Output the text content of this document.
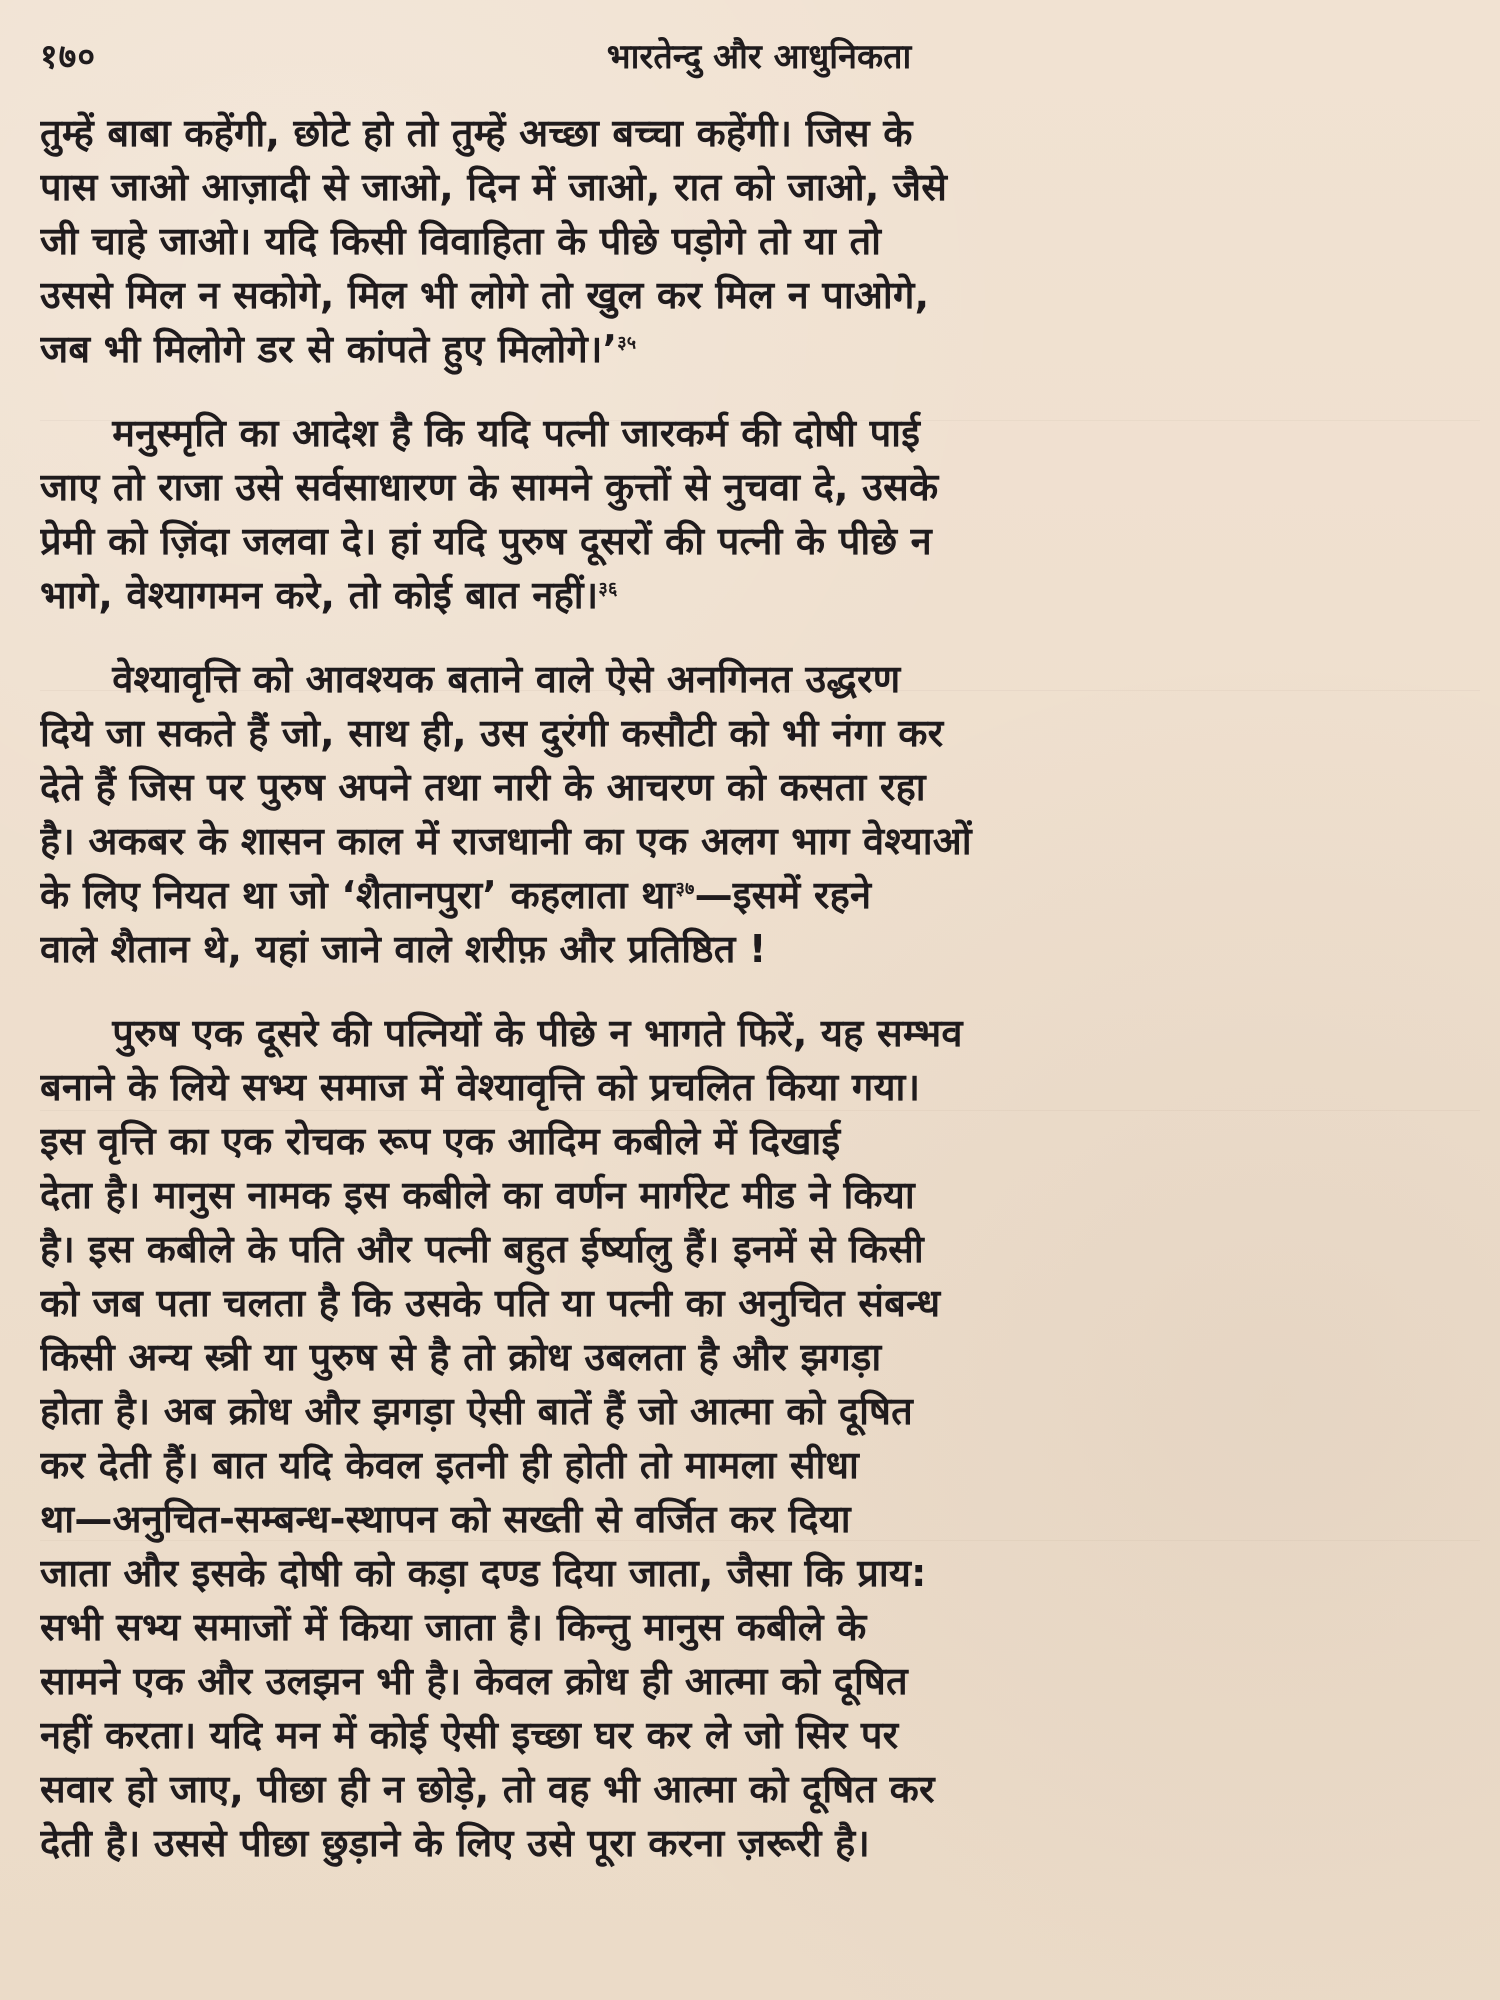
१७०	भारतेन्दु और आधुनिकता
तुम्हें बाबा कहेंगी, छोटे हो तो तुम्हें अच्छा बच्चा कहेंगी। जिस के
पास जाओ आज़ादी से जाओ, दिन में जाओ, रात को जाओ, जैसे
जी चाहे जाओ। यदि किसी विवाहिता के पीछे पड़ोगे तो या तो
उससे मिल न सकोगे, मिल भी लोगे तो खुल कर मिल न पाओगे,
जब भी मिलोगे डर से कांपते हुए मिलोगे।’$^{३५}$
मनुस्मृति का आदेश है कि यदि पत्नी जारकर्म की दोषी पाई
जाए तो राजा उसे सर्वसाधारण के सामने कुत्तों से नुचवा दे, उसके
प्रेमी को ज़िंदा जलवा दे। हां यदि पुरुष दूसरों की पत्नी के पीछे न
भागे, वेश्यागमन करे, तो कोई बात नहीं।$^{३६}$
वेश्यावृत्ति को आवश्यक बताने वाले ऐसे अनगिनत उद्धरण
दिये जा सकते हैं जो, साथ ही, उस दुरंगी कसौटी को भी नंगा कर
देते हैं जिस पर पुरुष अपने तथा नारी के आचरण को कसता रहा
है। अकबर के शासन काल में राजधानी का एक अलग भाग वेश्याओं
के लिए नियत था जो ‘शैतानपुरा’ कहलाता था$^{३७}$—इसमें रहने
वाले शैतान थे, यहां जाने वाले शरीफ़ और प्रतिष्ठित !
पुरुष एक दूसरे की पत्नियों के पीछे न भागते फिरें, यह सम्भव
बनाने के लिये सभ्य समाज में वेश्यावृत्ति को प्रचलित किया गया।
इस वृत्ति का एक रोचक रूप एक आदिम कबीले में दिखाई
देता है। मानुस नामक इस कबीले का वर्णन मार्गरेट मीड ने किया
है। इस कबीले के पति और पत्नी बहुत ईर्ष्यालु हैं। इनमें से किसी
को जब पता चलता है कि उसके पति या पत्नी का अनुचित संबन्ध
किसी अन्य स्त्री या पुरुष से है तो क्रोध उबलता है और झगड़ा
होता है। अब क्रोध और झगड़ा ऐसी बातें हैं जो आत्मा को दूषित
कर देती हैं। बात यदि केवल इतनी ही होती तो मामला सीधा
था—अनुचित-सम्बन्ध-स्थापन को सख्ती से वर्जित कर दिया
जाता और इसके दोषी को कड़ा दण्ड दिया जाता, जैसा कि प्राय:
सभी सभ्य समाजों में किया जाता है। किन्तु मानुस कबीले के
सामने एक और उलझन भी है। केवल क्रोध ही आत्मा को दूषित
नहीं करता। यदि मन में कोई ऐसी इच्छा घर कर ले जो सिर पर
सवार हो जाए, पीछा ही न छोड़े, तो वह भी आत्मा को दूषित कर
देती है। उससे पीछा छुड़ाने के लिए उसे पूरा करना ज़रूरी है।
